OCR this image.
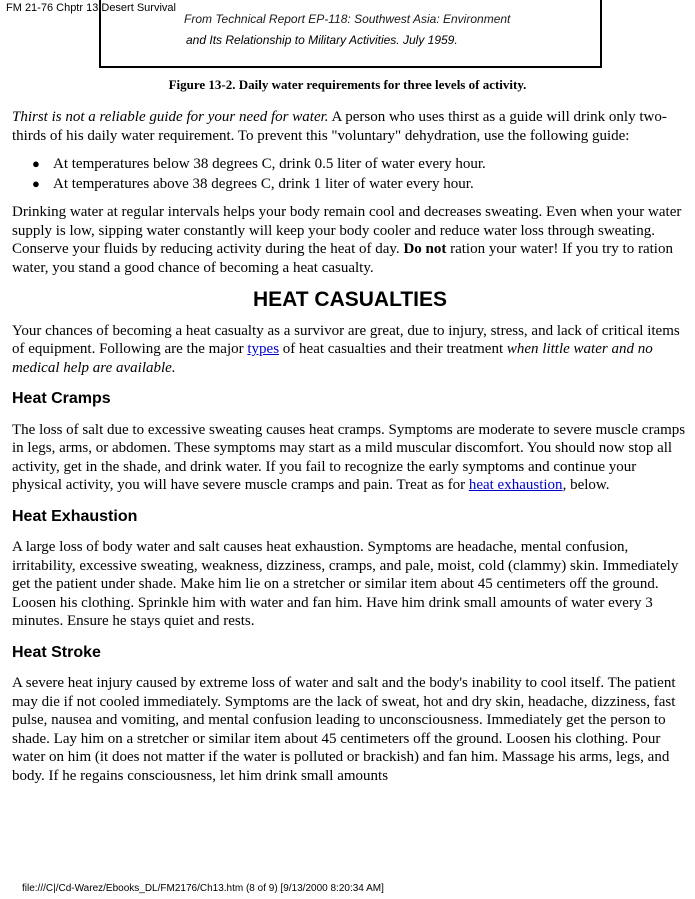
FM 21-76 Chptr 13 Desert Survival
From Technical Report EP-118: Southwest Asia: Environment
and Its Relationship to Military Activities. July 1959.
Figure 13-2. Daily water requirements for three levels of activity.

Thirst is not a reliable guide for your need for water. A person who uses thirst as a guide will drink only two-thirds of his daily water requirement. To prevent this "voluntary" dehydration, use the following guide:

● At temperatures below 38 degrees C, drink 0.5 liter of water every hour.
● At temperatures above 38 degrees C, drink 1 liter of water every hour.

Drinking water at regular intervals helps your body remain cool and decreases sweating. Even when your water supply is low, sipping water constantly will keep your body cooler and reduce water loss through sweating. Conserve your fluids by reducing activity during the heat of day. Do not ration your water! If you try to ration water, you stand a good chance of becoming a heat casualty.

HEAT CASUALTIES

Your chances of becoming a heat casualty as a survivor are great, due to injury, stress, and lack of critical items of equipment. Following are the major types of heat casualties and their treatment when little water and no medical help are available.

Heat Cramps

The loss of salt due to excessive sweating causes heat cramps. Symptoms are moderate to severe muscle cramps in legs, arms, or abdomen. These symptoms may start as a mild muscular discomfort. You should now stop all activity, get in the shade, and drink water. If you fail to recognize the early symptoms and continue your physical activity, you will have severe muscle cramps and pain. Treat as for heat exhaustion, below.

Heat Exhaustion

A large loss of body water and salt causes heat exhaustion. Symptoms are headache, mental confusion, irritability, excessive sweating, weakness, dizziness, cramps, and pale, moist, cold (clammy) skin. Immediately get the patient under shade. Make him lie on a stretcher or similar item about 45 centimeters off the ground. Loosen his clothing. Sprinkle him with water and fan him. Have him drink small amounts of water every 3 minutes. Ensure he stays quiet and rests.

Heat Stroke

A severe heat injury caused by extreme loss of water and salt and the body's inability to cool itself. The patient may die if not cooled immediately. Symptoms are the lack of sweat, hot and dry skin, headache, dizziness, fast pulse, nausea and vomiting, and mental confusion leading to unconsciousness. Immediately get the person to shade. Lay him on a stretcher or similar item about 45 centimeters off the ground. Loosen his clothing. Pour water on him (it does not matter if the water is polluted or brackish) and fan him. Massage his arms, legs, and body. If he regains consciousness, let him drink small amounts

file:///C|/Cd-Warez/Ebooks_DL/FM2176/Ch13.htm (8 of 9) [9/13/2000 8:20:34 AM]
